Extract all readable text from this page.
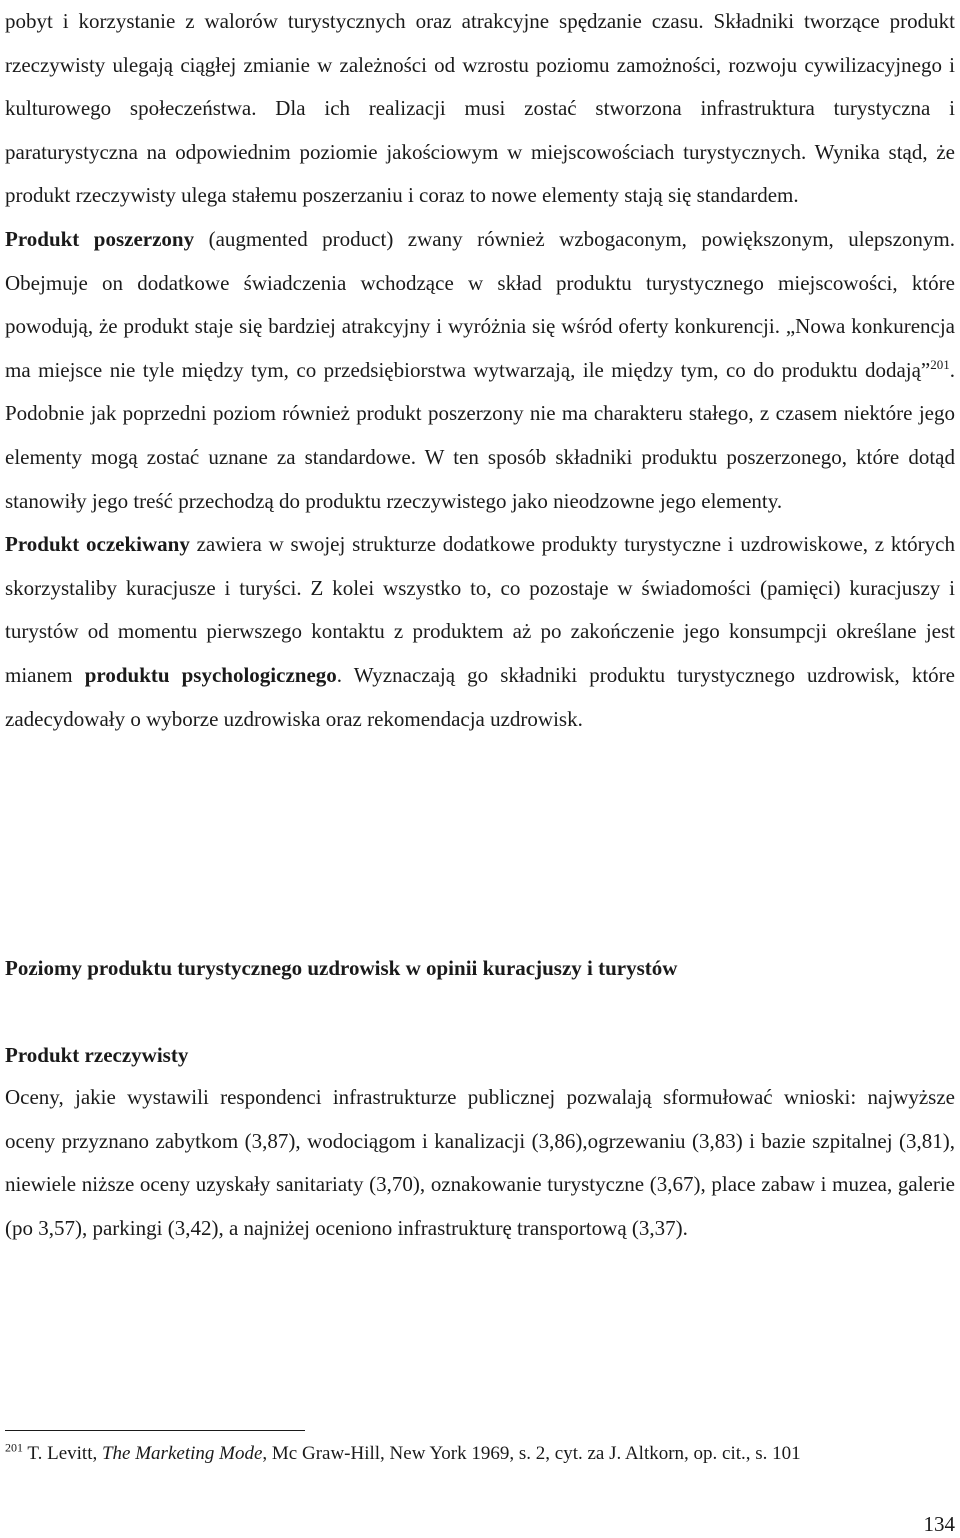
pobyt i korzystanie z walorów turystycznych oraz atrakcyjne spędzanie czasu. Składniki tworzące produkt rzeczywisty ulegają ciągłej zmianie w zależności od wzrostu poziomu zamożności, rozwoju cywilizacyjnego i kulturowego społeczeństwa. Dla ich realizacji musi zostać stworzona infrastruktura turystyczna i paraturystyczna na odpowiednim poziomie jakościowym w miejscowościach turystycznych. Wynika stąd, że produkt rzeczywisty ulega stałemu poszerzaniu i coraz to nowe elementy stają się standardem.

Produkt poszerzony (augmented product) zwany również wzbogaconym, powiększonym, ulepszonym. Obejmuje on dodatkowe świadczenia wchodzące w skład produktu turystycznego miejscowości, które powodują, że produkt staje się bardziej atrakcyjny i wyróżnia się wśród oferty konkurencji. „Nowa konkurencja ma miejsce nie tyle między tym, co przedsiębiorstwa wytwarzają, ile między tym, co do produktu dodają”$^{201}$. Podobnie jak poprzedni poziom również produkt poszerzony nie ma charakteru stałego, z czasem niektóre jego elementy mogą zostać uznane za standardowe. W ten sposób składniki produktu poszerzonego, które dotąd stanowiły jego treść przechodzą do produktu rzeczywistego jako nieodzowne jego elementy.

Produkt oczekiwany zawiera w swojej strukturze dodatkowe produkty turystyczne i uzdrowiskowe, z których skorzystaliby kuracjusze i turyści. Z kolei wszystko to, co pozostaje w świadomości (pamięci) kuracjuszy i turystów od momentu pierwszego kontaktu z produktem aż po zakończenie jego konsumpcji określane jest mianem produktu psychologicznego. Wyznaczają go składniki produktu turystycznego uzdrowisk, które zadecydowały o wyborze uzdrowiska oraz rekomendacja uzdrowisk.

Poziomy produktu turystycznego uzdrowisk w opinii kuracjuszy i turystów
Produkt rzeczywisty

Oceny, jakie wystawili respondenci infrastrukturze publicznej pozwalają sformułować wnioski: najwyższe oceny przyznano zabytkom (3,87), wodociągom i kanalizacji (3,86),ogrzewaniu (3,83) i bazie szpitalnej (3,81), niewiele niższe oceny uzyskały sanitariaty (3,70), oznakowanie turystyczne (3,67), place zabaw i muzea, galerie (po 3,57), parkingi (3,42), a najniżej oceniono infrastrukturę transportową (3,37).

$^{201}$ T. Levitt, The Marketing Mode, Mc Graw-Hill, New York 1969, s. 2, cyt. za J. Altkorn, op. cit., s. 101
134
